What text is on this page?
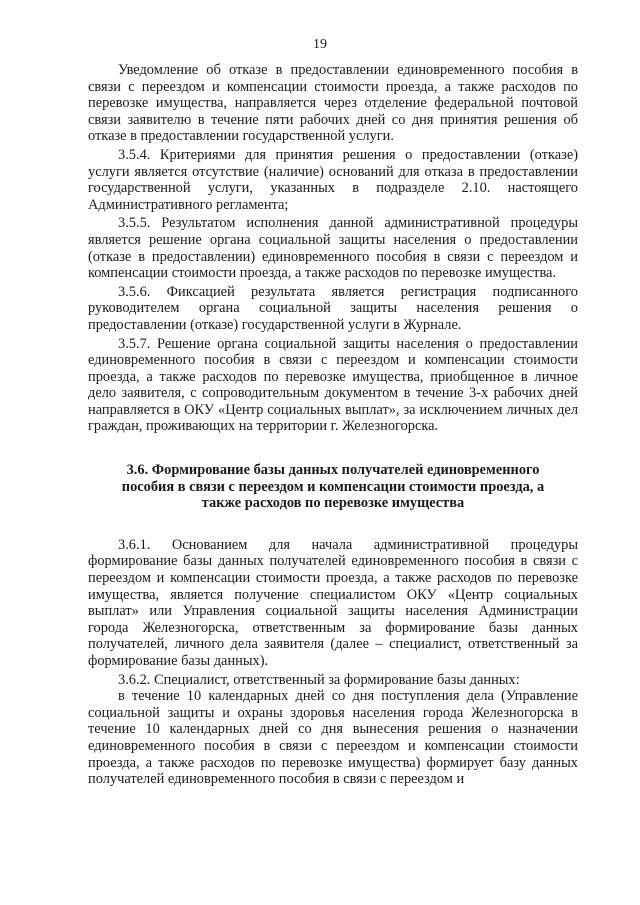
19

Уведомление об отказе в предоставлении единовременного пособия в связи с переездом и компенсации стоимости проезда, а также расходов по перевозке имущества, направляется через отделение федеральной почтовой связи заявителю в течение пяти рабочих дней со дня принятия решения об отказе в предоставлении государственной услуги.

3.5.4. Критериями для принятия решения о предоставлении (отказе) услуги является отсутствие (наличие) оснований для отказа в предоставлении государственной услуги, указанных в подразделе 2.10. настоящего Административного регламента;

3.5.5. Результатом исполнения данной административной процедуры является решение органа социальной защиты населения о предоставлении (отказе в предоставлении) единовременного пособия в связи с переездом и компенсации стоимости проезда, а также расходов по перевозке имущества.

3.5.6. Фиксацией результата является регистрация подписанного руководителем органа социальной защиты населения решения о предоставлении (отказе) государственной услуги в Журнале.

3.5.7. Решение органа социальной защиты населения о предоставлении единовременного пособия в связи с переездом и компенсации стоимости проезда, а также расходов по перевозке имущества, приобщенное в личное дело заявителя, с сопроводительным документом в течение 3-х рабочих дней направляется в ОКУ «Центр социальных выплат», за исключением личных дел граждан, проживающих на территории г. Железногорска.

3.6. Формирование базы данных получателей единовременного пособия в связи с переездом и компенсации стоимости проезда, а также расходов по перевозке имущества

3.6.1. Основанием для начала административной процедуры формирование базы данных получателей единовременного пособия в связи с переездом и компенсации стоимости проезда, а также расходов по перевозке имущества, является получение специалистом ОКУ «Центр социальных выплат» или Управления социальной защиты населения Администрации города Железногорска, ответственным за формирование базы данных получателей, личного дела заявителя (далее – специалист, ответственный за формирование базы данных).

3.6.2. Специалист, ответственный за формирование базы данных:

в течение 10 календарных дней со дня поступления дела (Управление социальной защиты и охраны здоровья населения города Железногорска в течение 10 календарных дней со дня вынесения решения о назначении единовременного пособия в связи с переездом и компенсации стоимости проезда, а также расходов по перевозке имущества) формирует базу данных получателей единовременного пособия в связи с переездом и
